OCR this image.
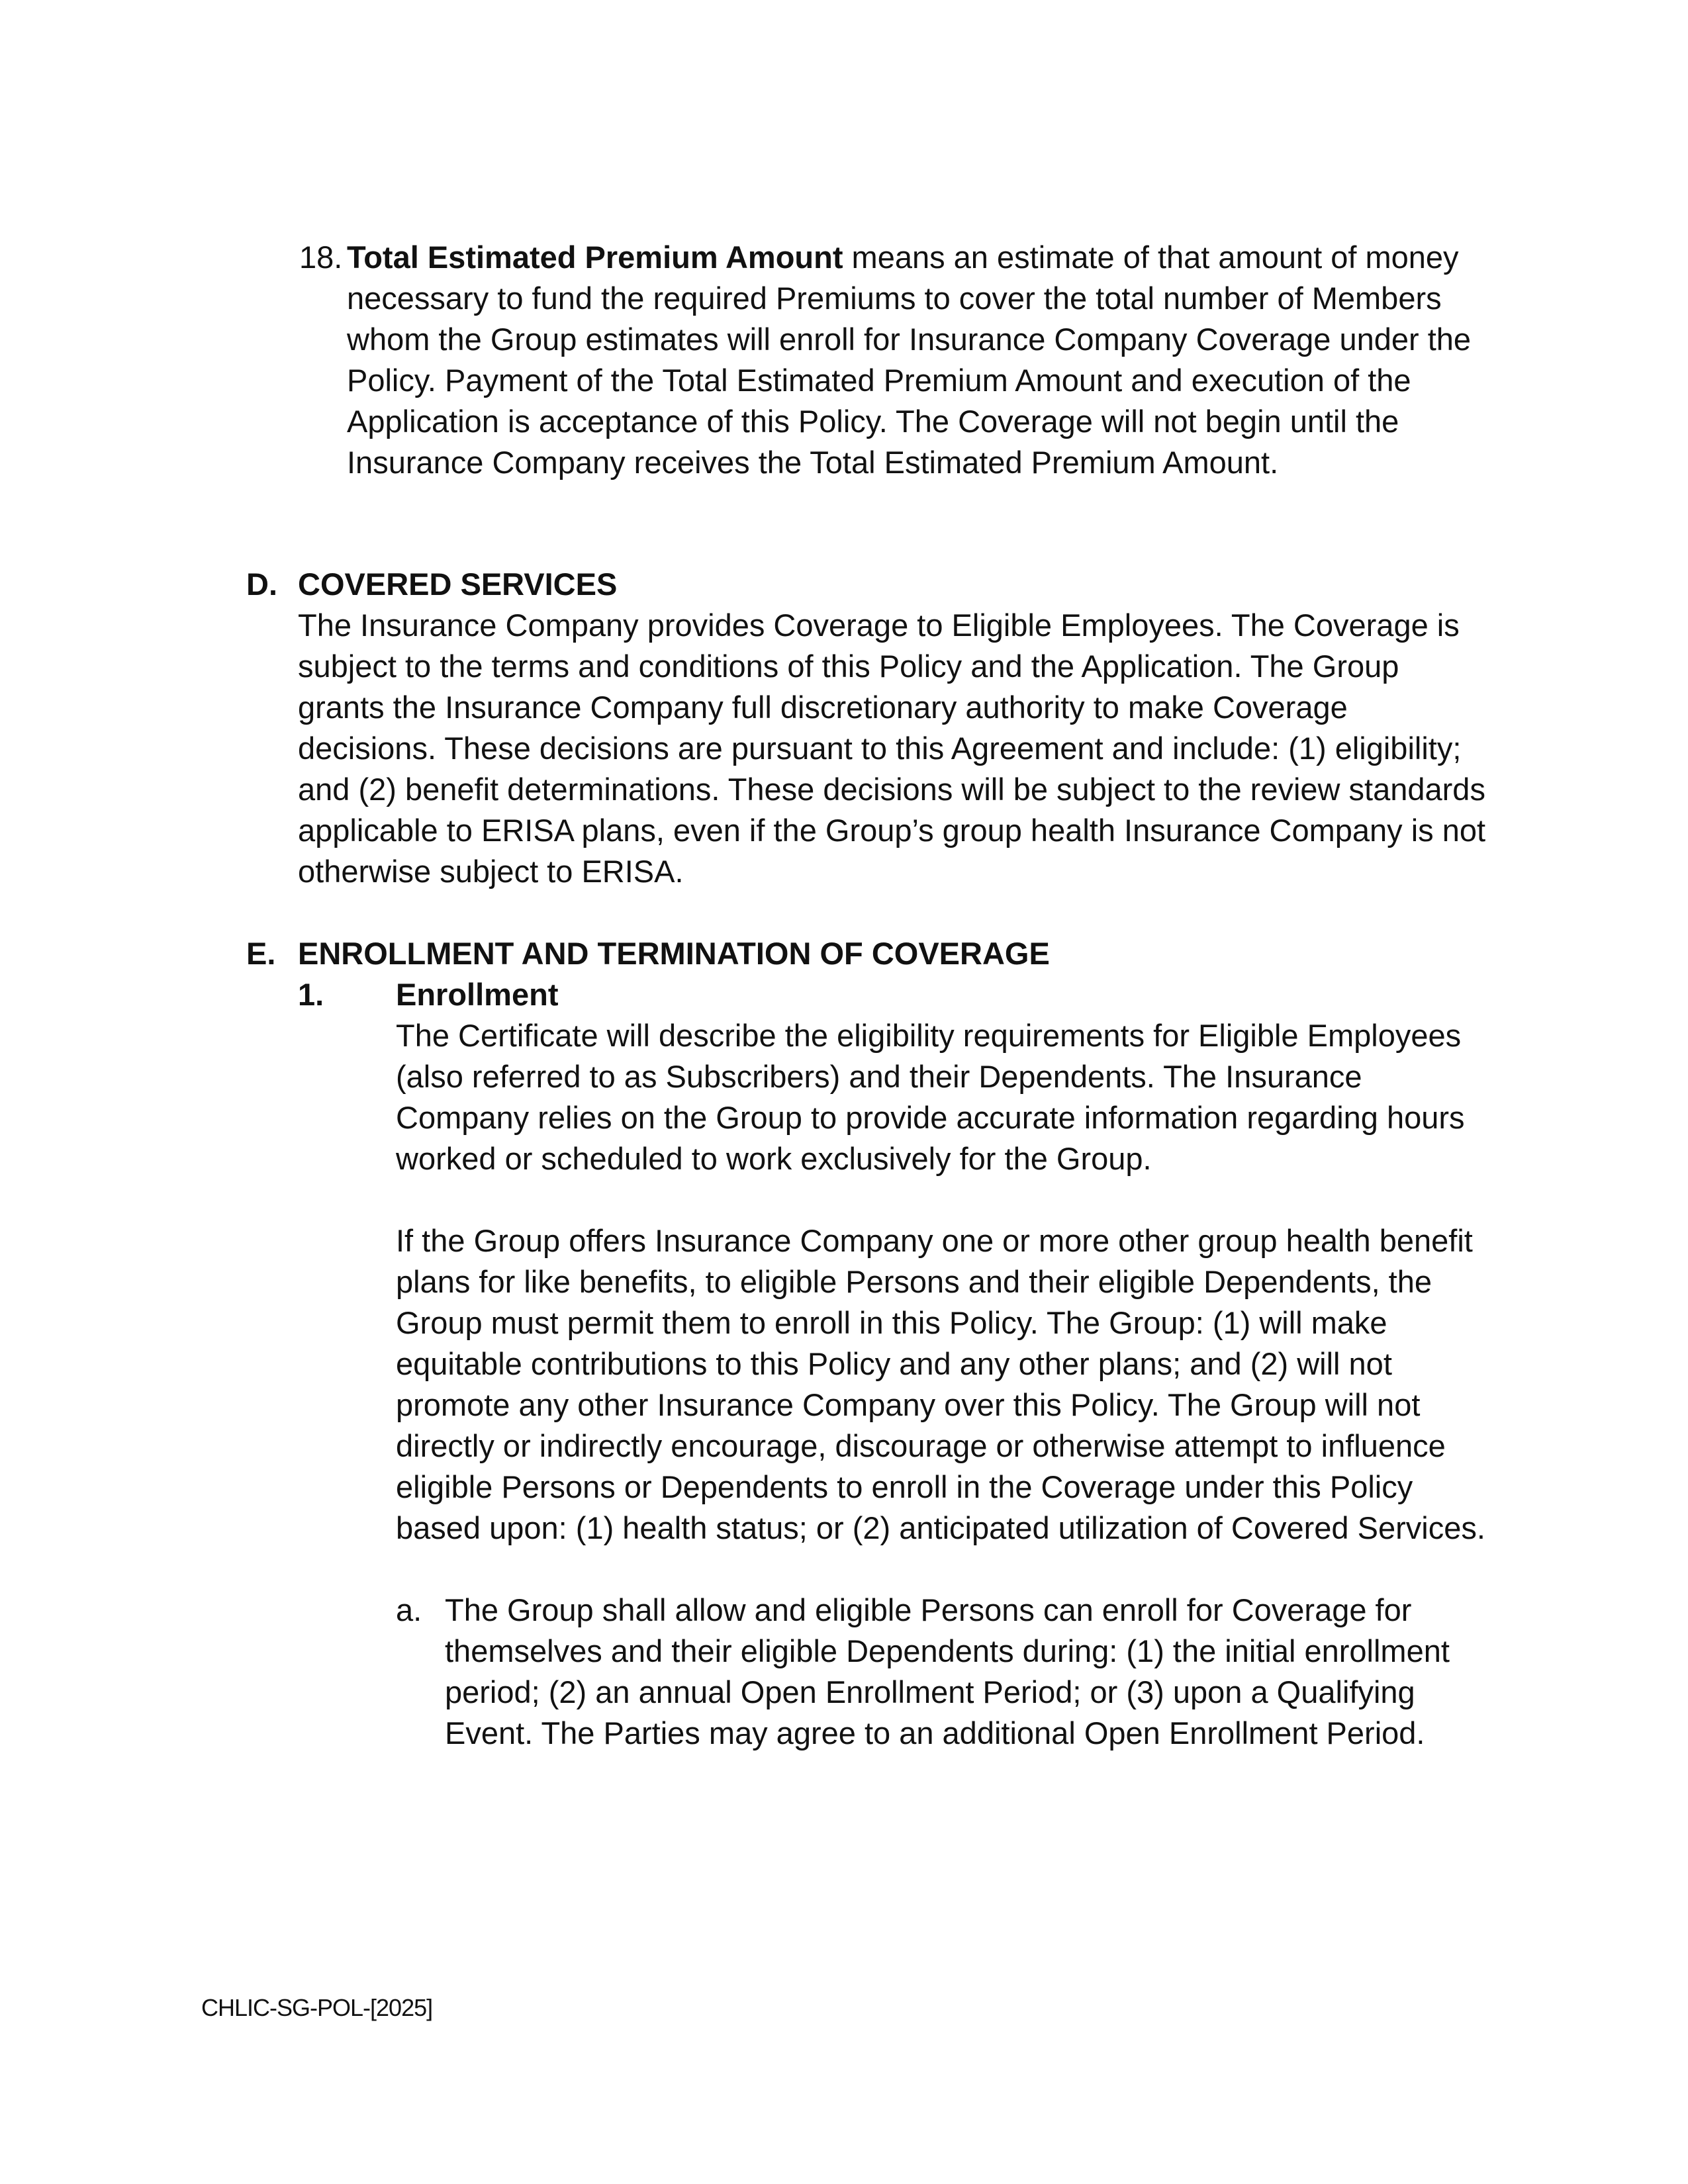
18. Total Estimated Premium Amount means an estimate of that amount of money necessary to fund the required Premiums to cover the total number of Members whom the Group estimates will enroll for Insurance Company Coverage under the Policy. Payment of the Total Estimated Premium Amount and execution of the Application is acceptance of this Policy. The Coverage will not begin until the Insurance Company receives the Total Estimated Premium Amount.
D. COVERED SERVICES
The Insurance Company provides Coverage to Eligible Employees. The Coverage is subject to the terms and conditions of this Policy and the Application. The Group grants the Insurance Company full discretionary authority to make Coverage decisions. These decisions are pursuant to this Agreement and include: (1) eligibility; and (2) benefit determinations. These decisions will be subject to the review standards applicable to ERISA plans, even if the Group’s group health Insurance Company is not otherwise subject to ERISA.
E. ENROLLMENT AND TERMINATION OF COVERAGE
1. Enrollment

The Certificate will describe the eligibility requirements for Eligible Employees (also referred to as Subscribers) and their Dependents. The Insurance Company relies on the Group to provide accurate information regarding hours worked or scheduled to work exclusively for the Group.

If the Group offers Insurance Company one or more other group health benefit plans for like benefits, to eligible Persons and their eligible Dependents, the Group must permit them to enroll in this Policy. The Group: (1) will make equitable contributions to this Policy and any other plans; and (2) will not promote any other Insurance Company over this Policy. The Group will not directly or indirectly encourage, discourage or otherwise attempt to influence eligible Persons or Dependents to enroll in the Coverage under this Policy based upon: (1) health status; or (2) anticipated utilization of Covered Services.

a. The Group shall allow and eligible Persons can enroll for Coverage for themselves and their eligible Dependents during: (1) the initial enrollment period; (2) an annual Open Enrollment Period; or (3) upon a Qualifying Event. The Parties may agree to an additional Open Enrollment Period.
CHLIC-SG-POL-[2025]
